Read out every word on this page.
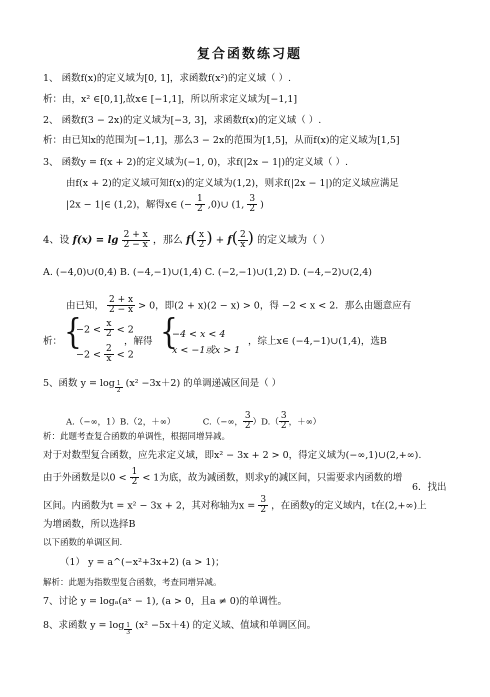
复合函数练习题
1、 函数f(x)的定义域为[0, 1]，求函数f(x²)的定义域（ ）.
析：由，x² ∈[0,1],故x∈ [−1,1]，所以所求定义域为[−1,1]
2、 函数f(3 − 2x)的定义域为[−3, 3]，求函数f(x)的定义域（ ）.
析：由已知x的范围为[−1,1]，那么3 − 2x的范围为[1,5]，从而f(x)的定义域为[1,5]
3、 函数y = f(x + 2)的定义域为(−1, 0)，求f(|2x − 1|)的定义域（ ）.
由f(x + 2)的定义域可知f(x)的定义域为(1,2)，则求f(|2x − 1|)的定义域应满足
|2x − 1|∈ (1,2)，解得x∈ (− $\frac{1}{2}$ ,0)∪ (1, $\frac{3}{2}$ )
4、设 $f(x) = \lg \frac{2 + x}{2 - x}$ ，那么 $f( \frac{x}{2}$ ) + $f( \frac{2}{x}$ ) 的定义域为（ ）
A. (−4,0)∪(0,4) B. (−4,−1)∪(1,4) C. (−2,−1)∪(1,2) D. (−4,−2)∪(2,4)
由已知， $\frac{2 + x}{2 - x} > 0$，即(2 + x)(2 − x) > 0，得 −2 < x < 2．那么由题意应有
析： {
$-2 < \frac{x}{2} < 2$
$-2 < \frac{2}{x} < 2$
，解得 {
−4 < x < 4
x < −1或x > 1
，综上x∈ (−4,−1)∪(1,4)，选B
5、函数 $y = \log \frac{1}{2} (x^2 -3x+2)$ 的单调递减区间是（ ）
A.（−∞，1）B.（2，＋∞）	C.（−∞， $\frac{3}{2} )D.( \frac{3}{2}$ ，＋∞）
析：此题考查复合函数的单调性，根据同增异减。
对于对数型复合函数，应先求定义域，即x² − 3x + 2 > 0，得定义域为(−∞,1)∪(2,+∞).
由于外函数是以$0 < \frac{1}{2} < 1$为底，故为减函数，则求y的减区间，只需要求内函数的增
6．找出
区间。内函数为t = x² − 3x + 2，其对称轴为$x = \frac{3}{2}$ ，在函数y的定义域内，t在(2,+∞)上
为增函数，所以选择B
以下函数的单调区间.
（1） y = a^(−x²+3x+2) (a > 1)；
解析：此题为指数型复合函数，考查同增异减。
7、讨论 y = logₐ(aˣ − 1), (a > 0，且a ≠ 0)的单调性。
8、求函数 $y = \log \frac{1}{3} (x^2 -5x+4)$ 的定义域、值域和单调区间。
